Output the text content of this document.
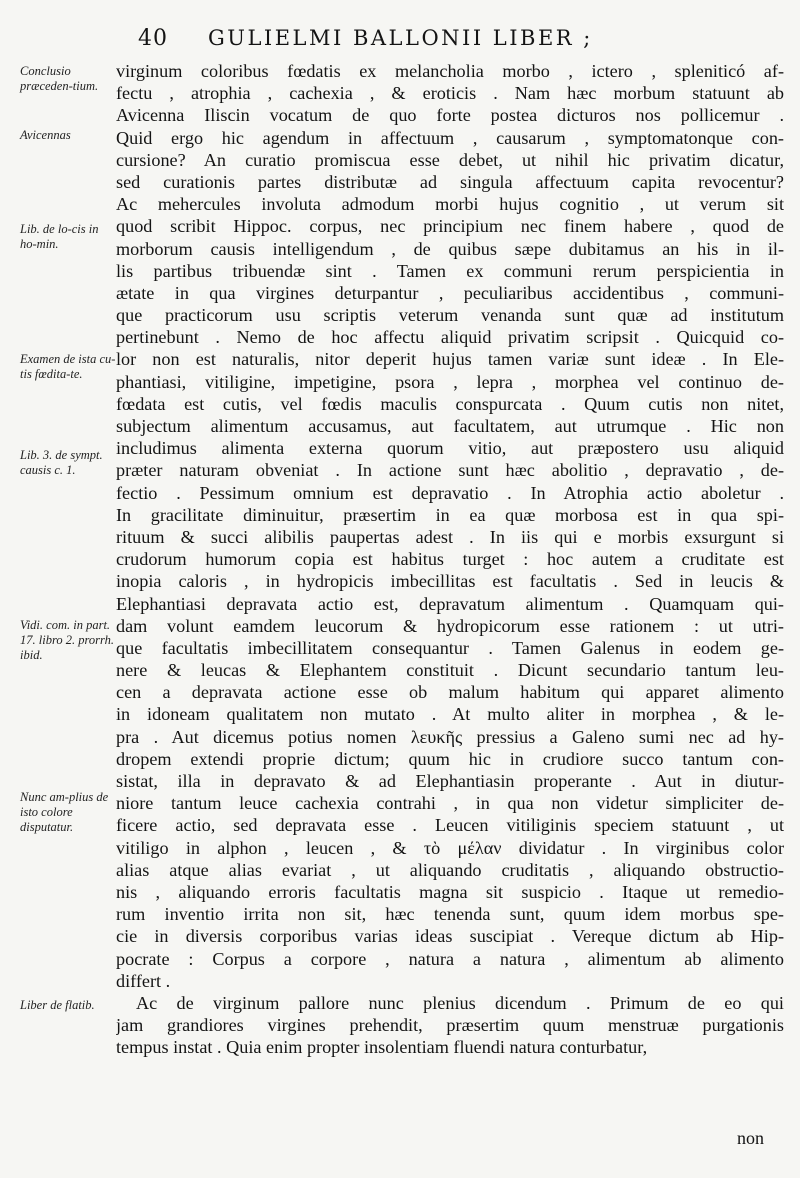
40 GULIELMI BALLONII LIBER ;
Conclusio præceden-tium.
Avicennas
Lib. de lo-cis in ho-min.
Examen de ista cu-tis fœdita-te.
Lib. 3. de sympt. causis c. 1.
Vidi. com. in part. 17. libro 2. prorrh. ibid.
Nunc am-plius de isto colore disputatur.
Liber de flatib.
virginum coloribus fœdatis ex melancholia morbo , ictero , spleniticó af-
fectu , atrophia , cachexia , & eroticis . Nam hæc morbum statuunt ab
Avicenna Iliscin vocatum de quo forte postea dicturos nos pollicemur .
Quid ergo hic agendum in affectuum , causarum , symptomatonque con-
cursione? An curatio promiscua esse debet, ut nihil hic privatim dicatur,
sed curationis partes distributæ ad singula affectuum capita revocentur?
Ac mehercules involuta admodum morbi hujus cognitio , ut verum sit
quod scribit Hippoc. corpus, nec principium nec finem habere , quod de
morborum causis intelligendum , de quibus sæpe dubitamus an his in il-
lis partibus tribuendæ sint . Tamen ex communi rerum perspicientia in
ætate in qua virgines deturpantur , peculiaribus accidentibus , communi-
que practicorum usu scriptis veterum venanda sunt quæ ad institutum
pertinebunt . Nemo de hoc affectu aliquid privatim scripsit . Quicquid co-
lor non est naturalis, nitor deperit hujus tamen variæ sunt ideæ . In Ele-
phantiasi, vitiligine, impetigine, psora , lepra , morphea vel continuo de-
fœdata est cutis, vel fœdis maculis conspurcata . Quum cutis non nitet,
subjectum alimentum accusamus, aut facultatem, aut utrumque . Hic non
includimus alimenta externa quorum vitio, aut præpostero usu aliquid
præter naturam obveniat . In actione sunt hæc abolitio , depravatio , de-
fectio . Pessimum omnium est depravatio . In Atrophia actio aboletur .
In gracilitate diminuitur, præsertim in ea quæ morbosa est in qua spi-
rituum & succi alibilis paupertas adest . In iis qui e morbis exsurgunt si
crudorum humorum copia est habitus turget : hoc autem a cruditate est
inopia caloris , in hydropicis imbecillitas est facultatis . Sed in leucis &
Elephantiasi depravata actio est, depravatum alimentum . Quamquam qui-
dam volunt eamdem leucorum & hydropicorum esse rationem : ut utri-
que facultatis imbecillitatem consequantur . Tamen Galenus in eodem ge-
nere & leucas & Elephantem constituit . Dicunt secundario tantum leu-
cen a depravata actione esse ob malum habitum qui apparet alimento
in idoneam qualitatem non mutato . At multo aliter in morphea , & le-
pra . Aut dicemus potius nomen λευκῆς pressius a Galeno sumi nec ad hy-
dropem extendi proprie dictum; quum hic in crudiore succo tantum con-
sistat, illa in depravato & ad Elephantiasin properante . Aut in diutur-
niore tantum leuce cachexia contrahi , in qua non videtur simpliciter de-
ficere actio, sed depravata esse . Leucen vitiliginis speciem statuunt , ut
vitiligo in alphon , leucen , & τὸ μέλαν dividatur . In virginibus color
alias atque alias evariat , ut aliquando cruditatis , aliquando obstructio-
nis , aliquando erroris facultatis magna sit suspicio . Itaque ut remedio-
rum inventio irrita non sit, hæc tenenda sunt, quum idem morbus spe-
cie in diversis corporibus varias ideas suscipiat . Vereque dictum ab Hip-
pocrate : Corpus a corpore , natura a natura , alimentum ab alimento
differt .
Ac de virginum pallore nunc plenius dicendum . Primum de eo qui
jam grandiores virgines prehendit, præsertim quum menstruæ purgationis
tempus instat . Quia enim propter insolentiam fluendi natura conturbatur,
non
